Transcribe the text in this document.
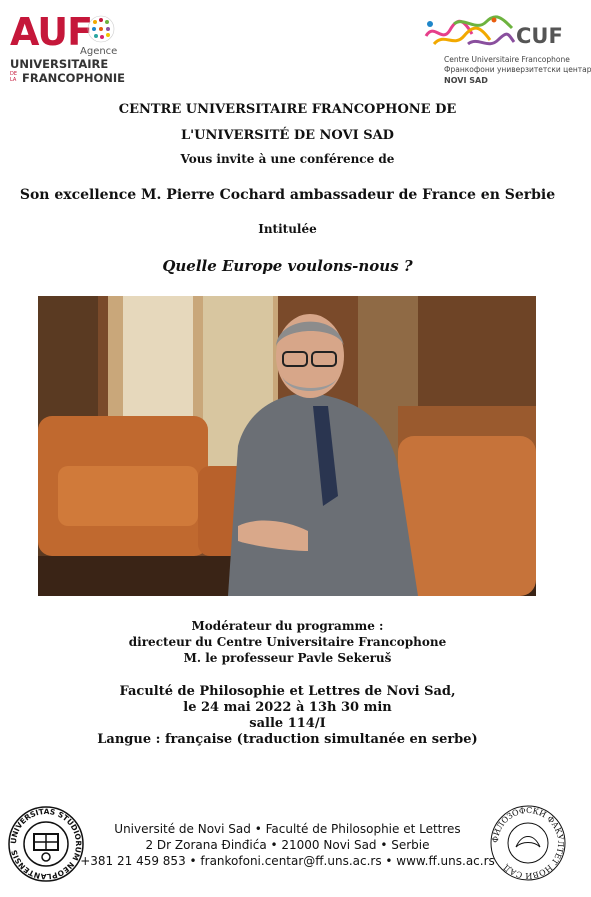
AUF
Agence
UNIVERSITAIRE
DE LA FRANCOPHONIE
CUF
Centre Universitaire Francophone
Франкофони универзитетски центар
NOVI SAD
CENTRE UNIVERSITAIRE FRANCOPHONE DE
L'UNIVERSITÉ DE NOVI SAD
Vous invite à une conférence de
Son excellence M. Pierre Cochard ambassadeur de France en Serbie
Intitulée
Quelle Europe voulons-nous ?
Modérateur du programme :
directeur du Centre Universitaire Francophone
M. le professeur Pavle Sekeruš
Faculté de Philosophie et Lettres de Novi Sad,
le 24 mai 2022 à 13h 30 min
salle 114/I
Langue : française (traduction simultanée en serbe)
UNIVERSITAS STUDIORUM NEOPLANTENSIS
ФИЛОЗОФСКИ ФАКУЛТЕТ НОВИ САД
Université de Novi Sad • Faculté de Philosophie et Lettres
2 Dr Zorana Đinđića • 21000 Novi Sad • Serbie
+381 21 459 853 • frankofoni.centar@ff.uns.ac.rs • www.ff.uns.ac.rs
